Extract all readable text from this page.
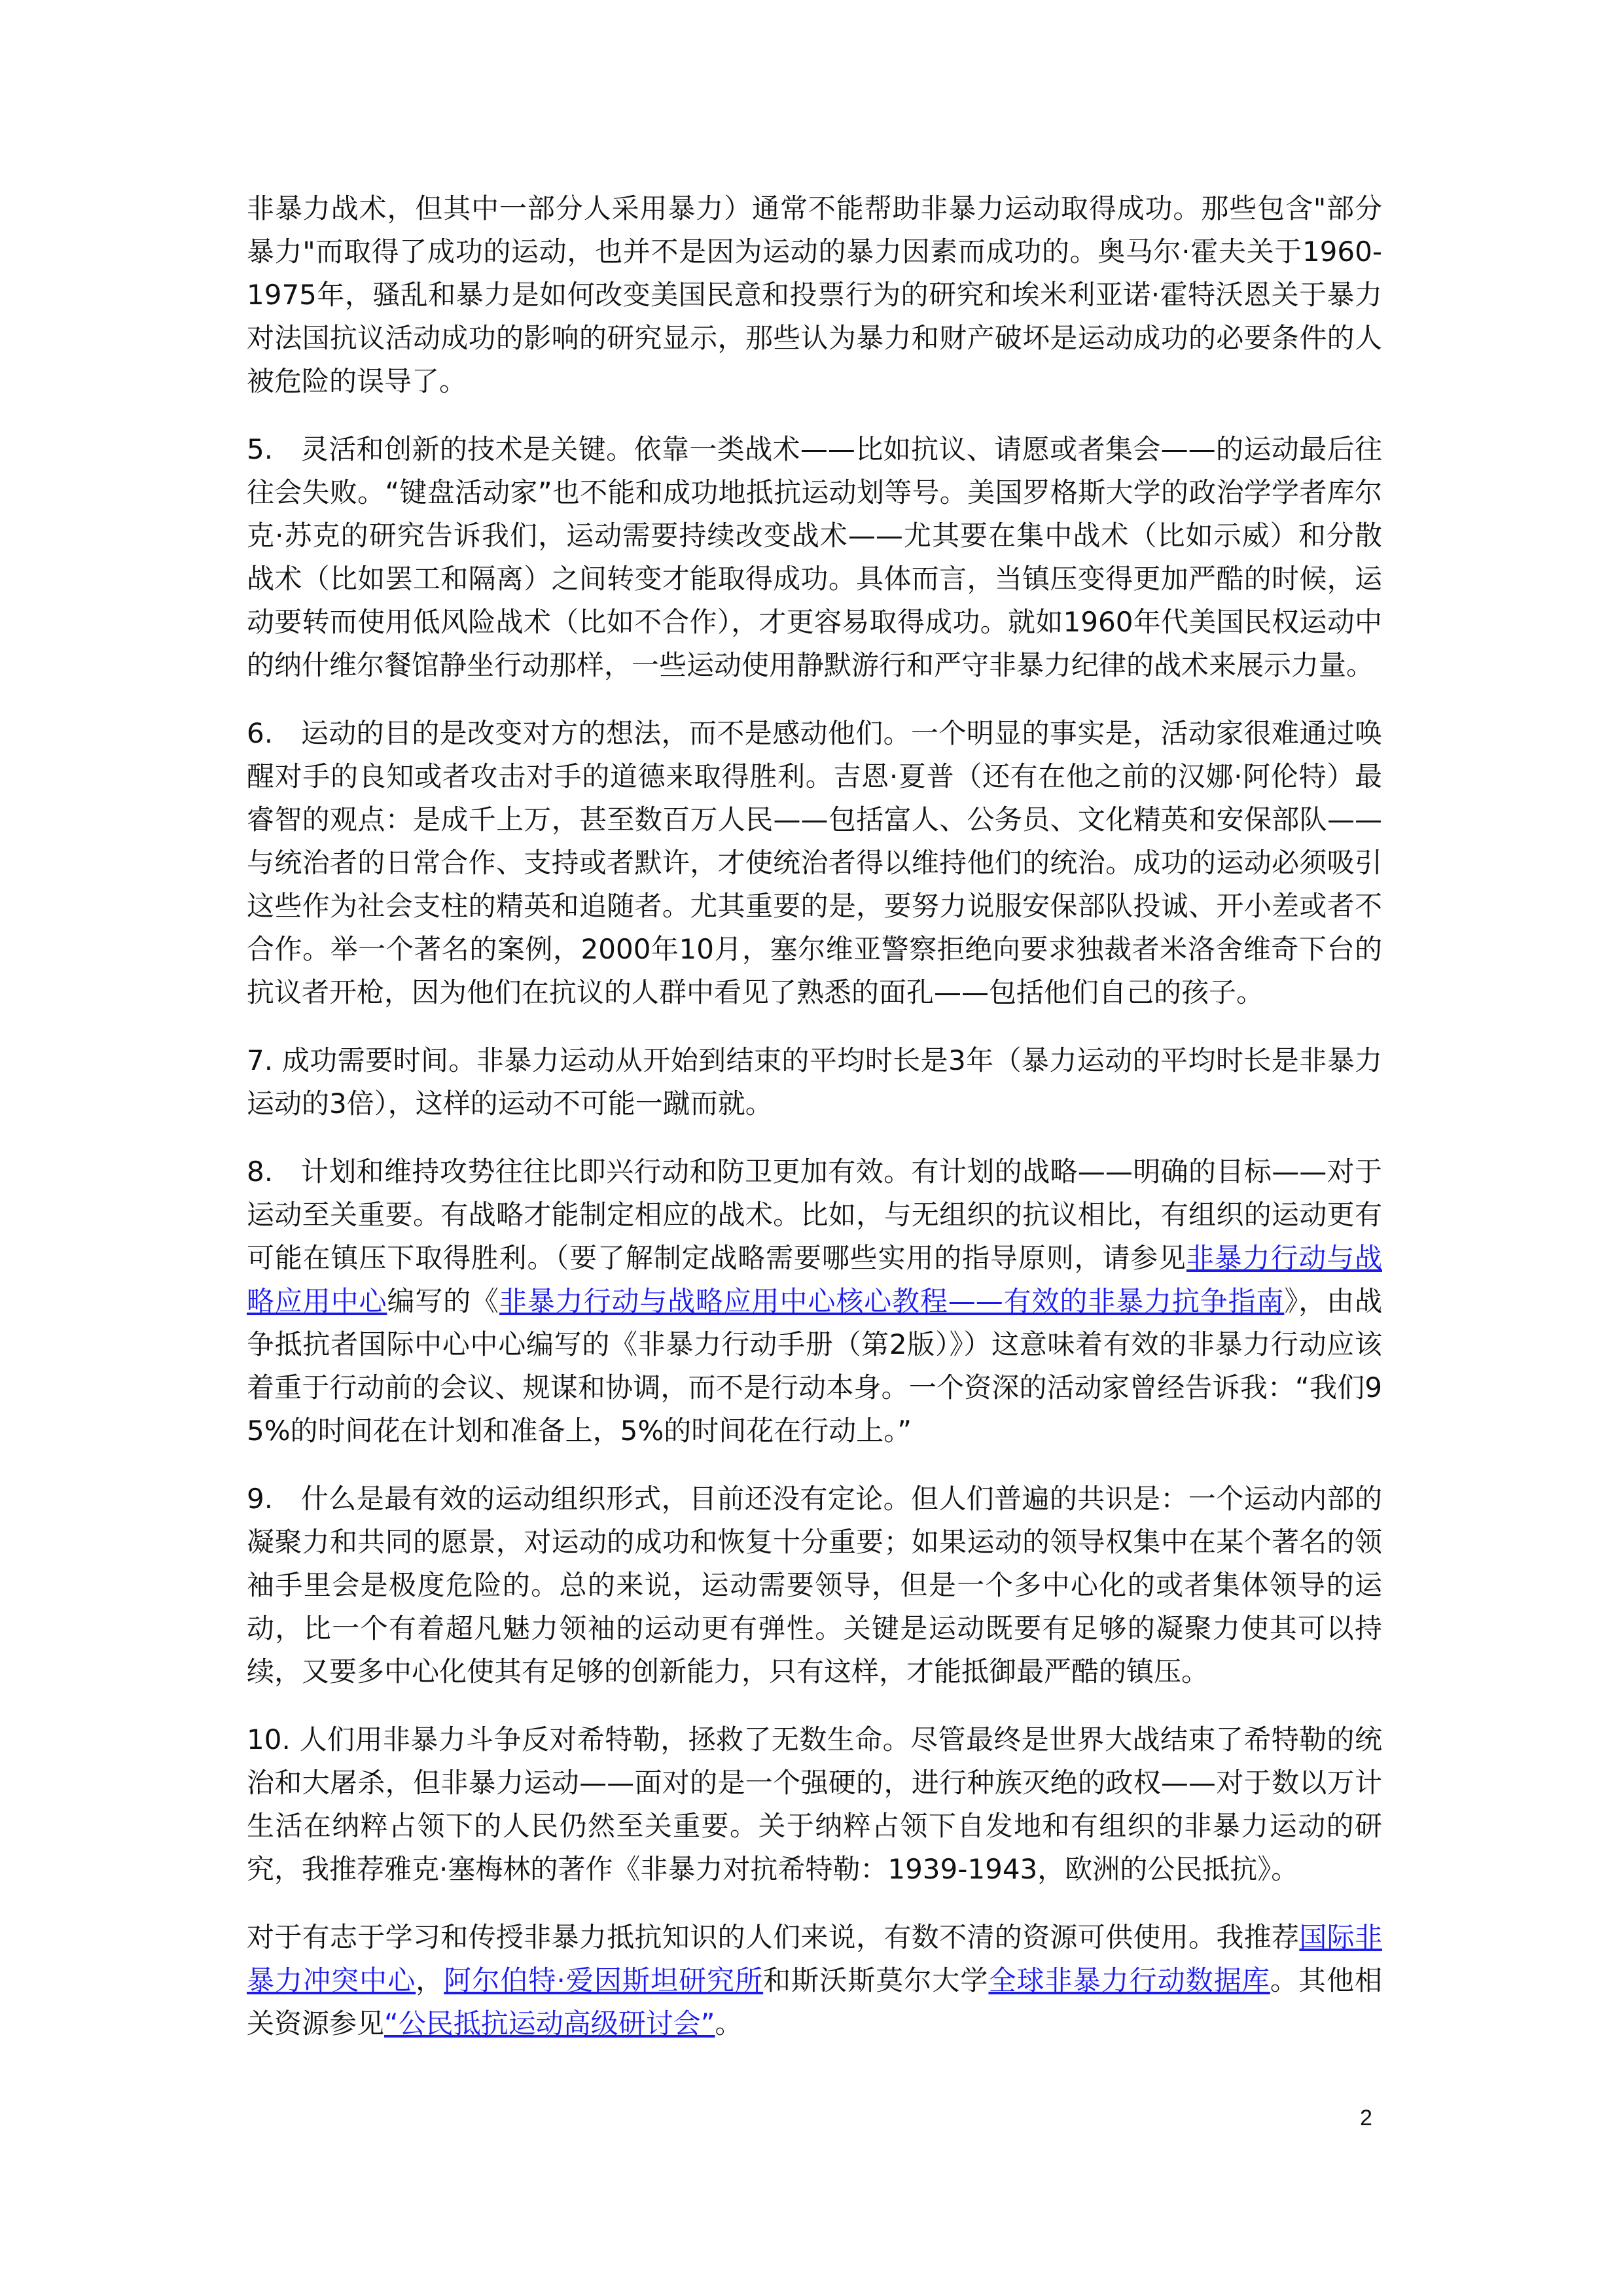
非暴力战术，但其中一部分人采用暴力）通常不能帮助非暴力运动取得成功。那些包含"部分暴力"而取得了成功的运动，也并不是因为运动的暴力因素而成功的。奥马尔·霍夫关于1960-1975年，骚乱和暴力是如何改变美国民意和投票行为的研究和埃米利亚诺·霍特沃恩关于暴力对法国抗议活动成功的影响的研究显示，那些认为暴力和财产破坏是运动成功的必要条件的人被危险的误导了。

5.　灵活和创新的技术是关键。依靠一类战术——比如抗议、请愿或者集会——的运动最后往往会失败。“键盘活动家”也不能和成功地抵抗运动划等号。美国罗格斯大学的政治学学者库尔克·苏克的研究告诉我们，运动需要持续改变战术——尤其要在集中战术（比如示威）和分散战术（比如罢工和隔离）之间转变才能取得成功。具体而言，当镇压变得更加严酷的时候，运动要转而使用低风险战术（比如不合作），才更容易取得成功。就如1960年代美国民权运动中的纳什维尔餐馆静坐行动那样，一些运动使用静默游行和严守非暴力纪律的战术来展示力量。

6.　运动的目的是改变对方的想法，而不是感动他们。一个明显的事实是，活动家很难通过唤醒对手的良知或者攻击对手的道德来取得胜利。吉恩·夏普（还有在他之前的汉娜·阿伦特）最睿智的观点：是成千上万，甚至数百万人民——包括富人、公务员、文化精英和安保部队——与统治者的日常合作、支持或者默许，才使统治者得以维持他们的统治。成功的运动必须吸引这些作为社会支柱的精英和追随者。尤其重要的是，要努力说服安保部队投诚、开小差或者不合作。举一个著名的案例，2000年10月，塞尔维亚警察拒绝向要求独裁者米洛舍维奇下台的抗议者开枪，因为他们在抗议的人群中看见了熟悉的面孔——包括他们自己的孩子。

7. 成功需要时间。非暴力运动从开始到结束的平均时长是3年（暴力运动的平均时长是非暴力运动的3倍），这样的运动不可能一蹴而就。

8.　计划和维持攻势往往比即兴行动和防卫更加有效。有计划的战略——明确的目标——对于运动至关重要。有战略才能制定相应的战术。比如，与无组织的抗议相比，有组织的运动更有可能在镇压下取得胜利。（要了解制定战略需要哪些实用的指导原则，请参见非暴力行动与战略应用中心编写的《非暴力行动与战略应用中心核心教程——有效的非暴力抗争指南》，由战争抵抗者国际中心中心编写的《非暴力行动手册（第2版）》）这意味着有效的非暴力行动应该着重于行动前的会议、规谋和协调，而不是行动本身。一个资深的活动家曾经告诉我：“我们95%的时间花在计划和准备上，5%的时间花在行动上。”

9.　什么是最有效的运动组织形式，目前还没有定论。但人们普遍的共识是：一个运动内部的凝聚力和共同的愿景，对运动的成功和恢复十分重要；如果运动的领导权集中在某个著名的领袖手里会是极度危险的。总的来说，运动需要领导，但是一个多中心化的或者集体领导的运动，比一个有着超凡魅力领袖的运动更有弹性。关键是运动既要有足够的凝聚力使其可以持续，又要多中心化使其有足够的创新能力，只有这样，才能抵御最严酷的镇压。

10. 人们用非暴力斗争反对希特勒，拯救了无数生命。尽管最终是世界大战结束了希特勒的统治和大屠杀，但非暴力运动——面对的是一个强硬的，进行种族灭绝的政权——对于数以万计生活在纳粹占领下的人民仍然至关重要。关于纳粹占领下自发地和有组织的非暴力运动的研究，我推荐雅克·塞梅林的著作《非暴力对抗希特勒：1939-1943，欧洲的公民抵抗》。

对于有志于学习和传授非暴力抵抗知识的人们来说，有数不清的资源可供使用。我推荐国际非暴力冲突中心，阿尔伯特·爱因斯坦研究所和斯沃斯莫尔大学全球非暴力行动数据库。其他相关资源参见“公民抵抗运动高级研讨会”。

2
